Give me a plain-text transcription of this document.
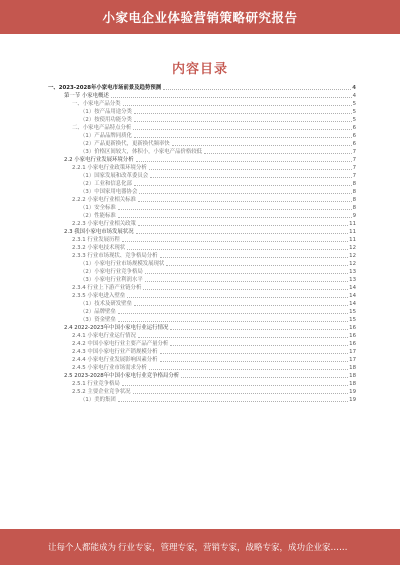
小家电企业体验营销策略研究报告
内容目录
一、2023-2028年小家电市场前景及趋势预测	4
第一节 小家电概述	4
一、小家电产品分类	5
（1）按产品用途分类	5
（2）按使用功能分类	5
二、小家电产品特点分析	6
（1）产品品牌同质化	6
（2）产品更新换代，更新换代频率快	6
（3）价格区间较大，体积小，小家电产品价格较低	7
2.2 小家电行业发展环境分析	7
2.2.1 小家电行业政策环境分析	7
（1）国家发展和改革委员会	7
（2）工业和信息化部	8
（3）中国家用电器协会	8
2.2.2 小家电行业相关标准	8
（1）安全标准	8
（2）性能标准	9
2.2.3 小家电行业相关政策	11
2.3 我国小家电市场发展状况	11
2.3.1 行业发展历程	11
2.3.2 小家电技术现状	12
2.3.3 行业市场现状、竞争格局分析	12
（1）小家电行业市场规模发展现状	12
（2）小家电行业竞争格局	13
（3）小家电行业利润水平	13
2.3.4 行业上下游产业链分析	14
2.3.5 小家电进入壁垒	14
（1）技术及研发壁垒	14
（2）品牌壁垒	15
（3）资金壁垒	15
2.4 2022-2023年中国小家电行业运行情况	16
2.4.1 小家电行业运行情况	16
2.4.2 中国小家电行业主要产品产量分析	16
2.4.3 中国小家电行业产销规模分析	17
2.4.4 小家电行业发展影响因素分析	17
2.4.5 小家电行业市场需求分析	18
2.5 2023-2028年中国小家电行业竞争格局分析	18
2.5.1 行业竞争格局	18
2.5.2 主要企业竞争状况	19
（1）美的集团	19
让每个人都能成为 行业专家，管理专家，营销专家，战略专家，成功企业家……
